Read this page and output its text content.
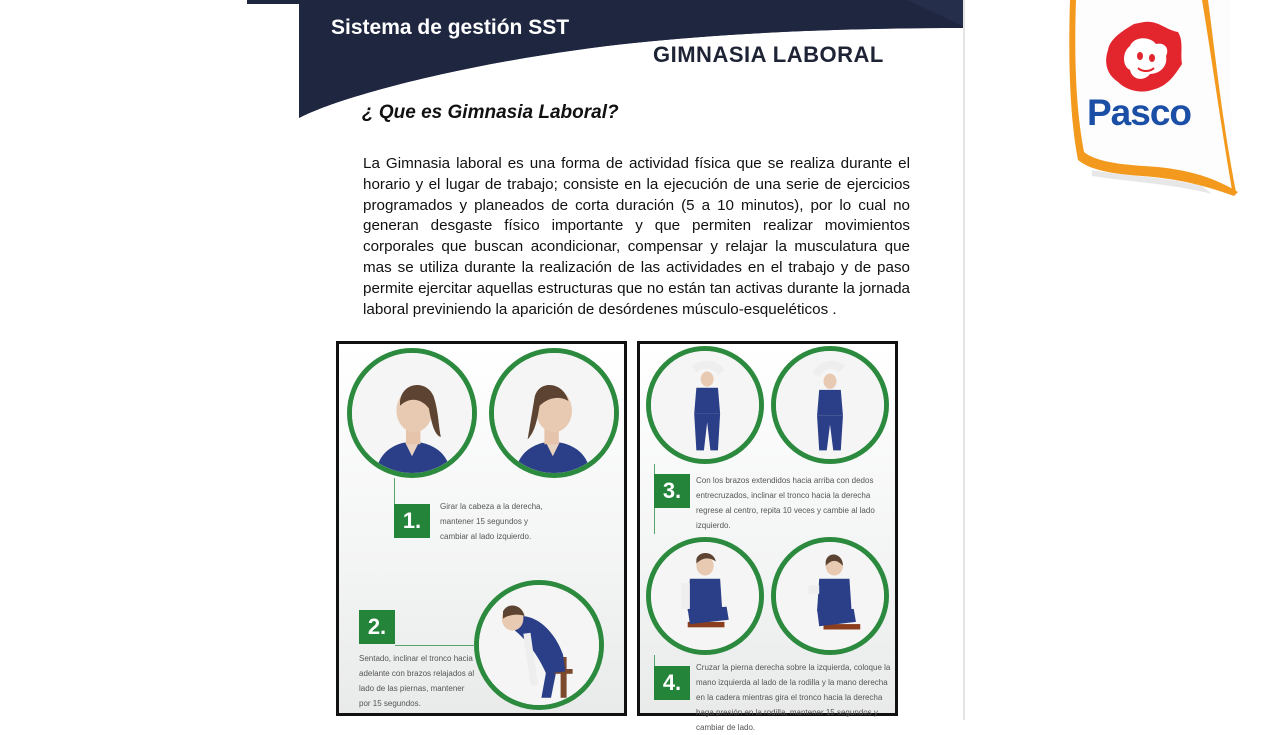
Sistema de gestión SST
GIMNASIA LABORAL
¿ Que es Gimnasia Laboral?
La Gimnasia laboral es una forma de actividad física que se realiza durante el horario y el lugar de trabajo; consiste en la ejecución de una serie de ejercicios programados y planeados de corta duración (5 a 10 minutos), por lo cual no generan desgaste físico importante y que permiten realizar movimientos corporales que buscan acondicionar, compensar y relajar la musculatura que mas se utiliza durante la realización de las actividades en el trabajo y de paso permite ejercitar aquellas estructuras que no están tan activas durante la jornada laboral previniendo la aparición de desórdenes músculo-esqueléticos .
1.
Girar la cabeza a la derecha, mantener 15 segundos y cambiar al lado izquierdo.
2.
Sentado, inclinar el tronco hacia adelante con brazos relajados al lado de las piernas, mantener por 15 segundos.
3.	Con los brazos extendidos hacia arriba con dedos entrecruzados, inclinar el tronco hacia la derecha regrese al centro, repita 10 veces y cambie al lado izquierdo.
4.
Cruzar la pierna derecha sobre la izquierda, coloque la mano izquierda al lado de la rodilla y la mano derecha en la cadera mientras gira el tronco hacia la derecha haga presión en la rodilla, mantener 15 segundos y cambiar de lado.
Pasco
